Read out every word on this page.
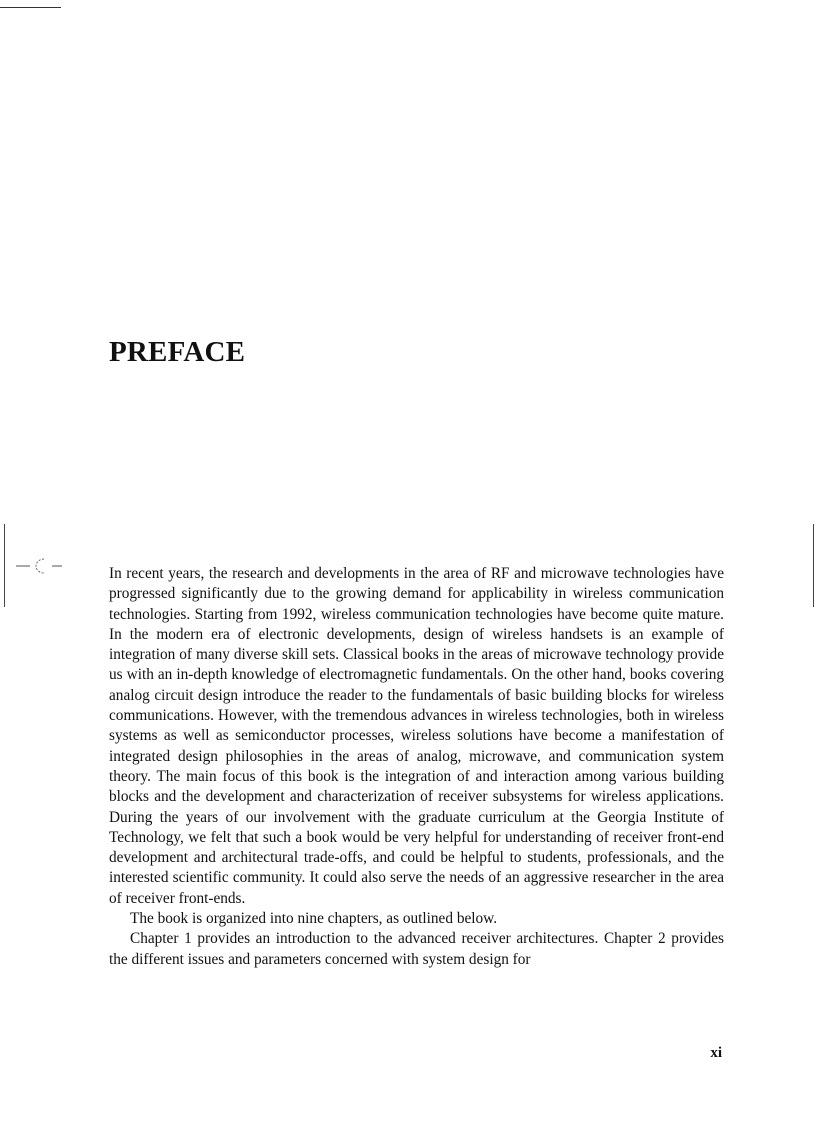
PREFACE

In recent years, the research and developments in the area of RF and microwave technologies have progressed significantly due to the growing demand for applicability in wireless communication technologies. Starting from 1992, wireless communication technologies have become quite mature. In the modern era of electronic developments, design of wireless handsets is an example of integration of many diverse skill sets. Classical books in the areas of microwave technology provide us with an in-depth knowledge of electromagnetic fundamentals. On the other hand, books covering analog circuit design introduce the reader to the fundamentals of basic building blocks for wireless communications. However, with the tremendous advances in wireless technologies, both in wireless systems as well as semiconductor processes, wireless solutions have become a manifestation of integrated design philosophies in the areas of analog, microwave, and communication system theory. The main focus of this book is the integration of and interaction among various building blocks and the development and characterization of receiver subsystems for wireless applications. During the years of our involvement with the graduate curriculum at the Georgia Institute of Technology, we felt that such a book would be very helpful for understanding of receiver front-end development and architectural trade-offs, and could be helpful to students, professionals, and the interested scientific community. It could also serve the needs of an aggressive researcher in the area of receiver front-ends.

The book is organized into nine chapters, as outlined below.

Chapter 1 provides an introduction to the advanced receiver architectures. Chapter 2 provides the different issues and parameters concerned with system design for

xi
